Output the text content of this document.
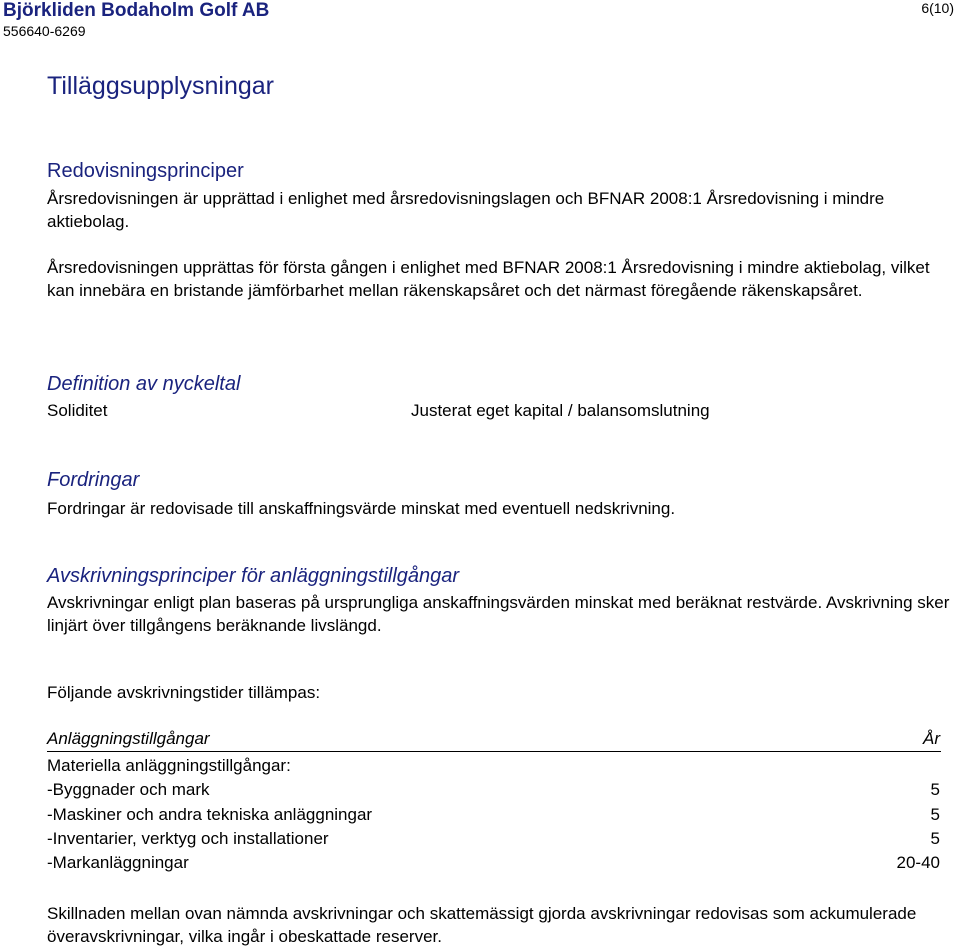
Björkliden Bodaholm Golf AB
556640-6269
6(10)
Tilläggsupplysningar
Redovisningsprinciper
Årsredovisningen är upprättad i enlighet med årsredovisningslagen och BFNAR 2008:1 Årsredovisning i mindre aktiebolag.
Årsredovisningen upprättas för första gången i enlighet med BFNAR 2008:1 Årsredovisning i mindre aktiebolag, vilket kan innebära en bristande jämförbarhet mellan räkenskapsåret och det närmast föregående räkenskapsåret.
Definition av nyckeltal
Soliditet	Justerat eget kapital / balansomslutning
Fordringar
Fordringar är redovisade till anskaffningsvärde minskat med eventuell nedskrivning.
Avskrivningsprinciper för anläggningstillgångar
Avskrivningar enligt plan baseras på ursprungliga anskaffningsvärden minskat med beräknat restvärde. Avskrivning sker linjärt över tillgångens beräknande livslängd.
Följande avskrivningstider tillämpas:
Anläggningstillgångar	År
Materiella anläggningstillgångar:
-Byggnader och mark	5
-Maskiner och andra tekniska anläggningar	5
-Inventarier, verktyg och installationer	5
-Markanläggningar	20-40
Skillnaden mellan ovan nämnda avskrivningar och skattemässigt gjorda avskrivningar redovisas som ackumulerade överavskrivningar, vilka ingår i obeskattade reserver.
